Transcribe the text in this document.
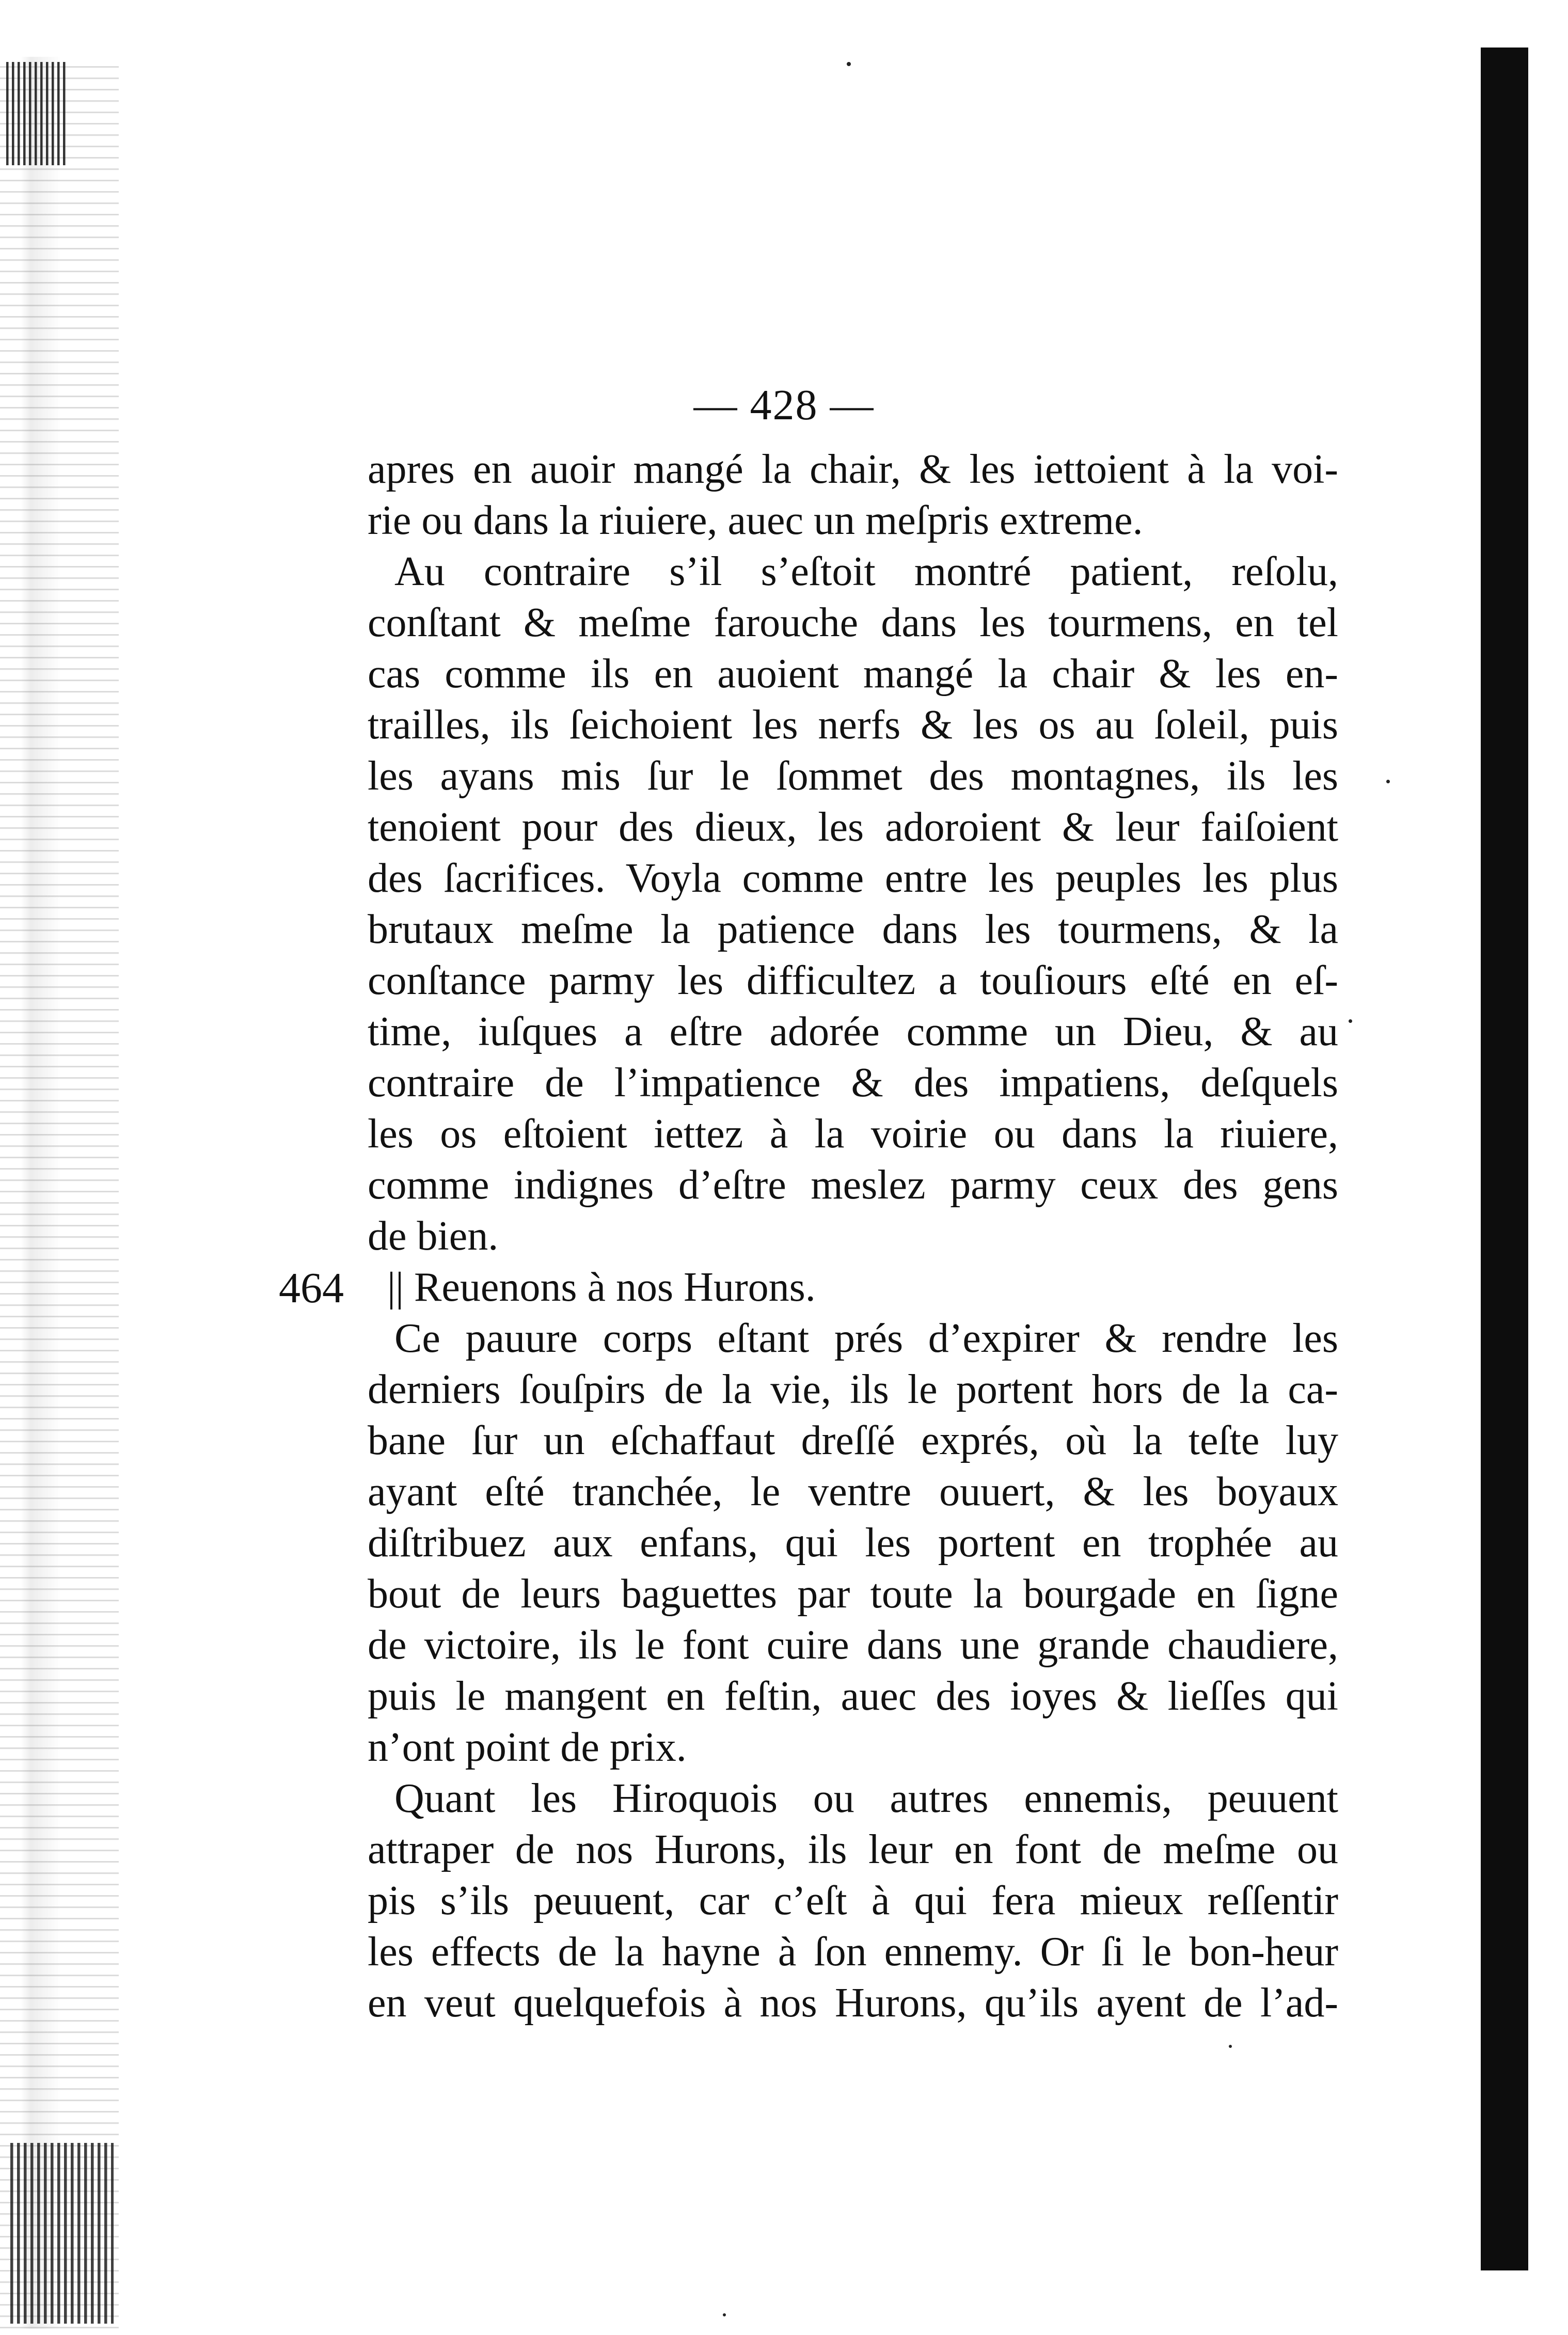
— 428 —
464
apres en auoir mangé la chair, & les iettoient à la voi-
rie ou dans la riuiere, auec un meſpris extreme.
Au contraire s’il s’eſtoit montré patient, reſolu,
conſtant & meſme farouche dans les tourmens, en tel
cas comme ils en auoient mangé la chair & les en-
trailles, ils ſeichoient les nerfs & les os au ſoleil, puis
les ayans mis ſur le ſommet des montagnes, ils les
tenoient pour des dieux, les adoroient & leur faiſoient
des ſacrifices. Voyla comme entre les peuples les plus
brutaux meſme la patience dans les tourmens, & la
conſtance parmy les difficultez a touſiours eſté en eſ-
time, iuſques a eſtre adorée comme un Dieu, & au
contraire de l’impatience & des impatiens, deſquels
les os eſtoient iettez à la voirie ou dans la riuiere,
comme indignes d’eſtre meslez parmy ceux des gens
de bien.
|| Reuenons à nos Hurons.
Ce pauure corps eſtant prés d’expirer & rendre les
derniers ſouſpirs de la vie, ils le portent hors de la ca-
bane ſur un eſchaffaut dreſſé exprés, où la teſte luy
ayant eſté tranchée, le ventre ouuert, & les boyaux
diſtribuez aux enfans, qui les portent en trophée au
bout de leurs baguettes par toute la bourgade en ſigne
de victoire, ils le font cuire dans une grande chaudiere,
puis le mangent en feſtin, auec des ioyes & lieſſes qui
n’ont point de prix.
Quant les Hiroquois ou autres ennemis, peuuent
attraper de nos Hurons, ils leur en font de meſme ou
pis s’ils peuuent, car c’eſt à qui fera mieux reſſentir
les effects de la hayne à ſon ennemy. Or ſi le bon-heur
en veut quelquefois à nos Hurons, qu’ils ayent de l’ad-
